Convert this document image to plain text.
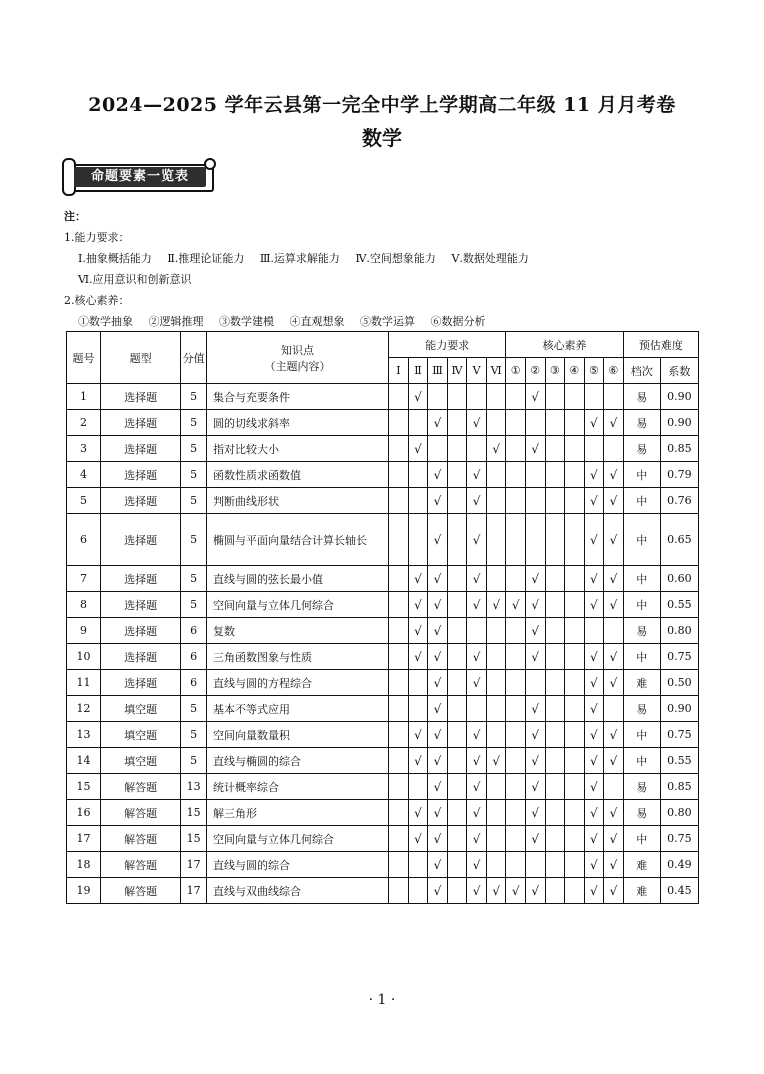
2024—2025 学年云县第一完全中学上学期高二年级 11 月月考卷
数学
命题要素一览表
注：
1.能力要求：
Ⅰ.抽象概括能力 Ⅱ.推理论证能力 Ⅲ.运算求解能力 Ⅳ.空间想象能力 Ⅴ.数据处理能力
Ⅵ.应用意识和创新意识
2.核心素养：
①数学抽象 ②逻辑推理 ③数学建模 ④直观想象 ⑤数学运算 ⑥数据分析
题号	题型	分值	知识点
（主题内容）	能力要求						核心素养						预估难度	
				Ⅰ	Ⅱ	Ⅲ	Ⅳ	Ⅴ	Ⅵ	①	②	③	④	⑤	⑥	档次	系数
1	选择题	5	集合与充要条件		√						√					易	0.90
2	选择题	5	圆的切线求斜率			√		√						√	√	易	0.90
3	选择题	5	指对比较大小		√				√		√					易	0.85
4	选择题	5	函数性质求函数值			√		√						√	√	中	0.79
5	选择题	5	判断曲线形状			√		√						√	√	中	0.76
6	选择题	5	椭圆与平面向量结合计算长轴长			√		√						√	√	中	0.65
7	选择题	5	直线与圆的弦长最小值		√	√		√			√			√	√	中	0.60
8	选择题	5	空间向量与立体几何综合		√	√		√	√	√	√			√	√	中	0.55
9	选择题	6	复数		√	√					√					易	0.80
10	选择题	6	三角函数图象与性质		√	√		√			√			√	√	中	0.75
11	选择题	6	直线与圆的方程综合			√		√						√	√	难	0.50
12	填空题	5	基本不等式应用			√					√			√		易	0.90
13	填空题	5	空间向量数量积		√	√		√			√			√	√	中	0.75
14	填空题	5	直线与椭圆的综合		√	√		√	√		√			√	√	中	0.55
15	解答题	13	统计概率综合			√		√			√			√		易	0.85
16	解答题	15	解三角形		√	√		√			√			√	√	易	0.80
17	解答题	15	空间向量与立体几何综合		√	√		√			√			√	√	中	0.75
18	解答题	17	直线与圆的综合			√		√						√	√	难	0.49
19	解答题	17	直线与双曲线综合			√		√	√	√	√			√	√	难	0.45
· 1 ·
